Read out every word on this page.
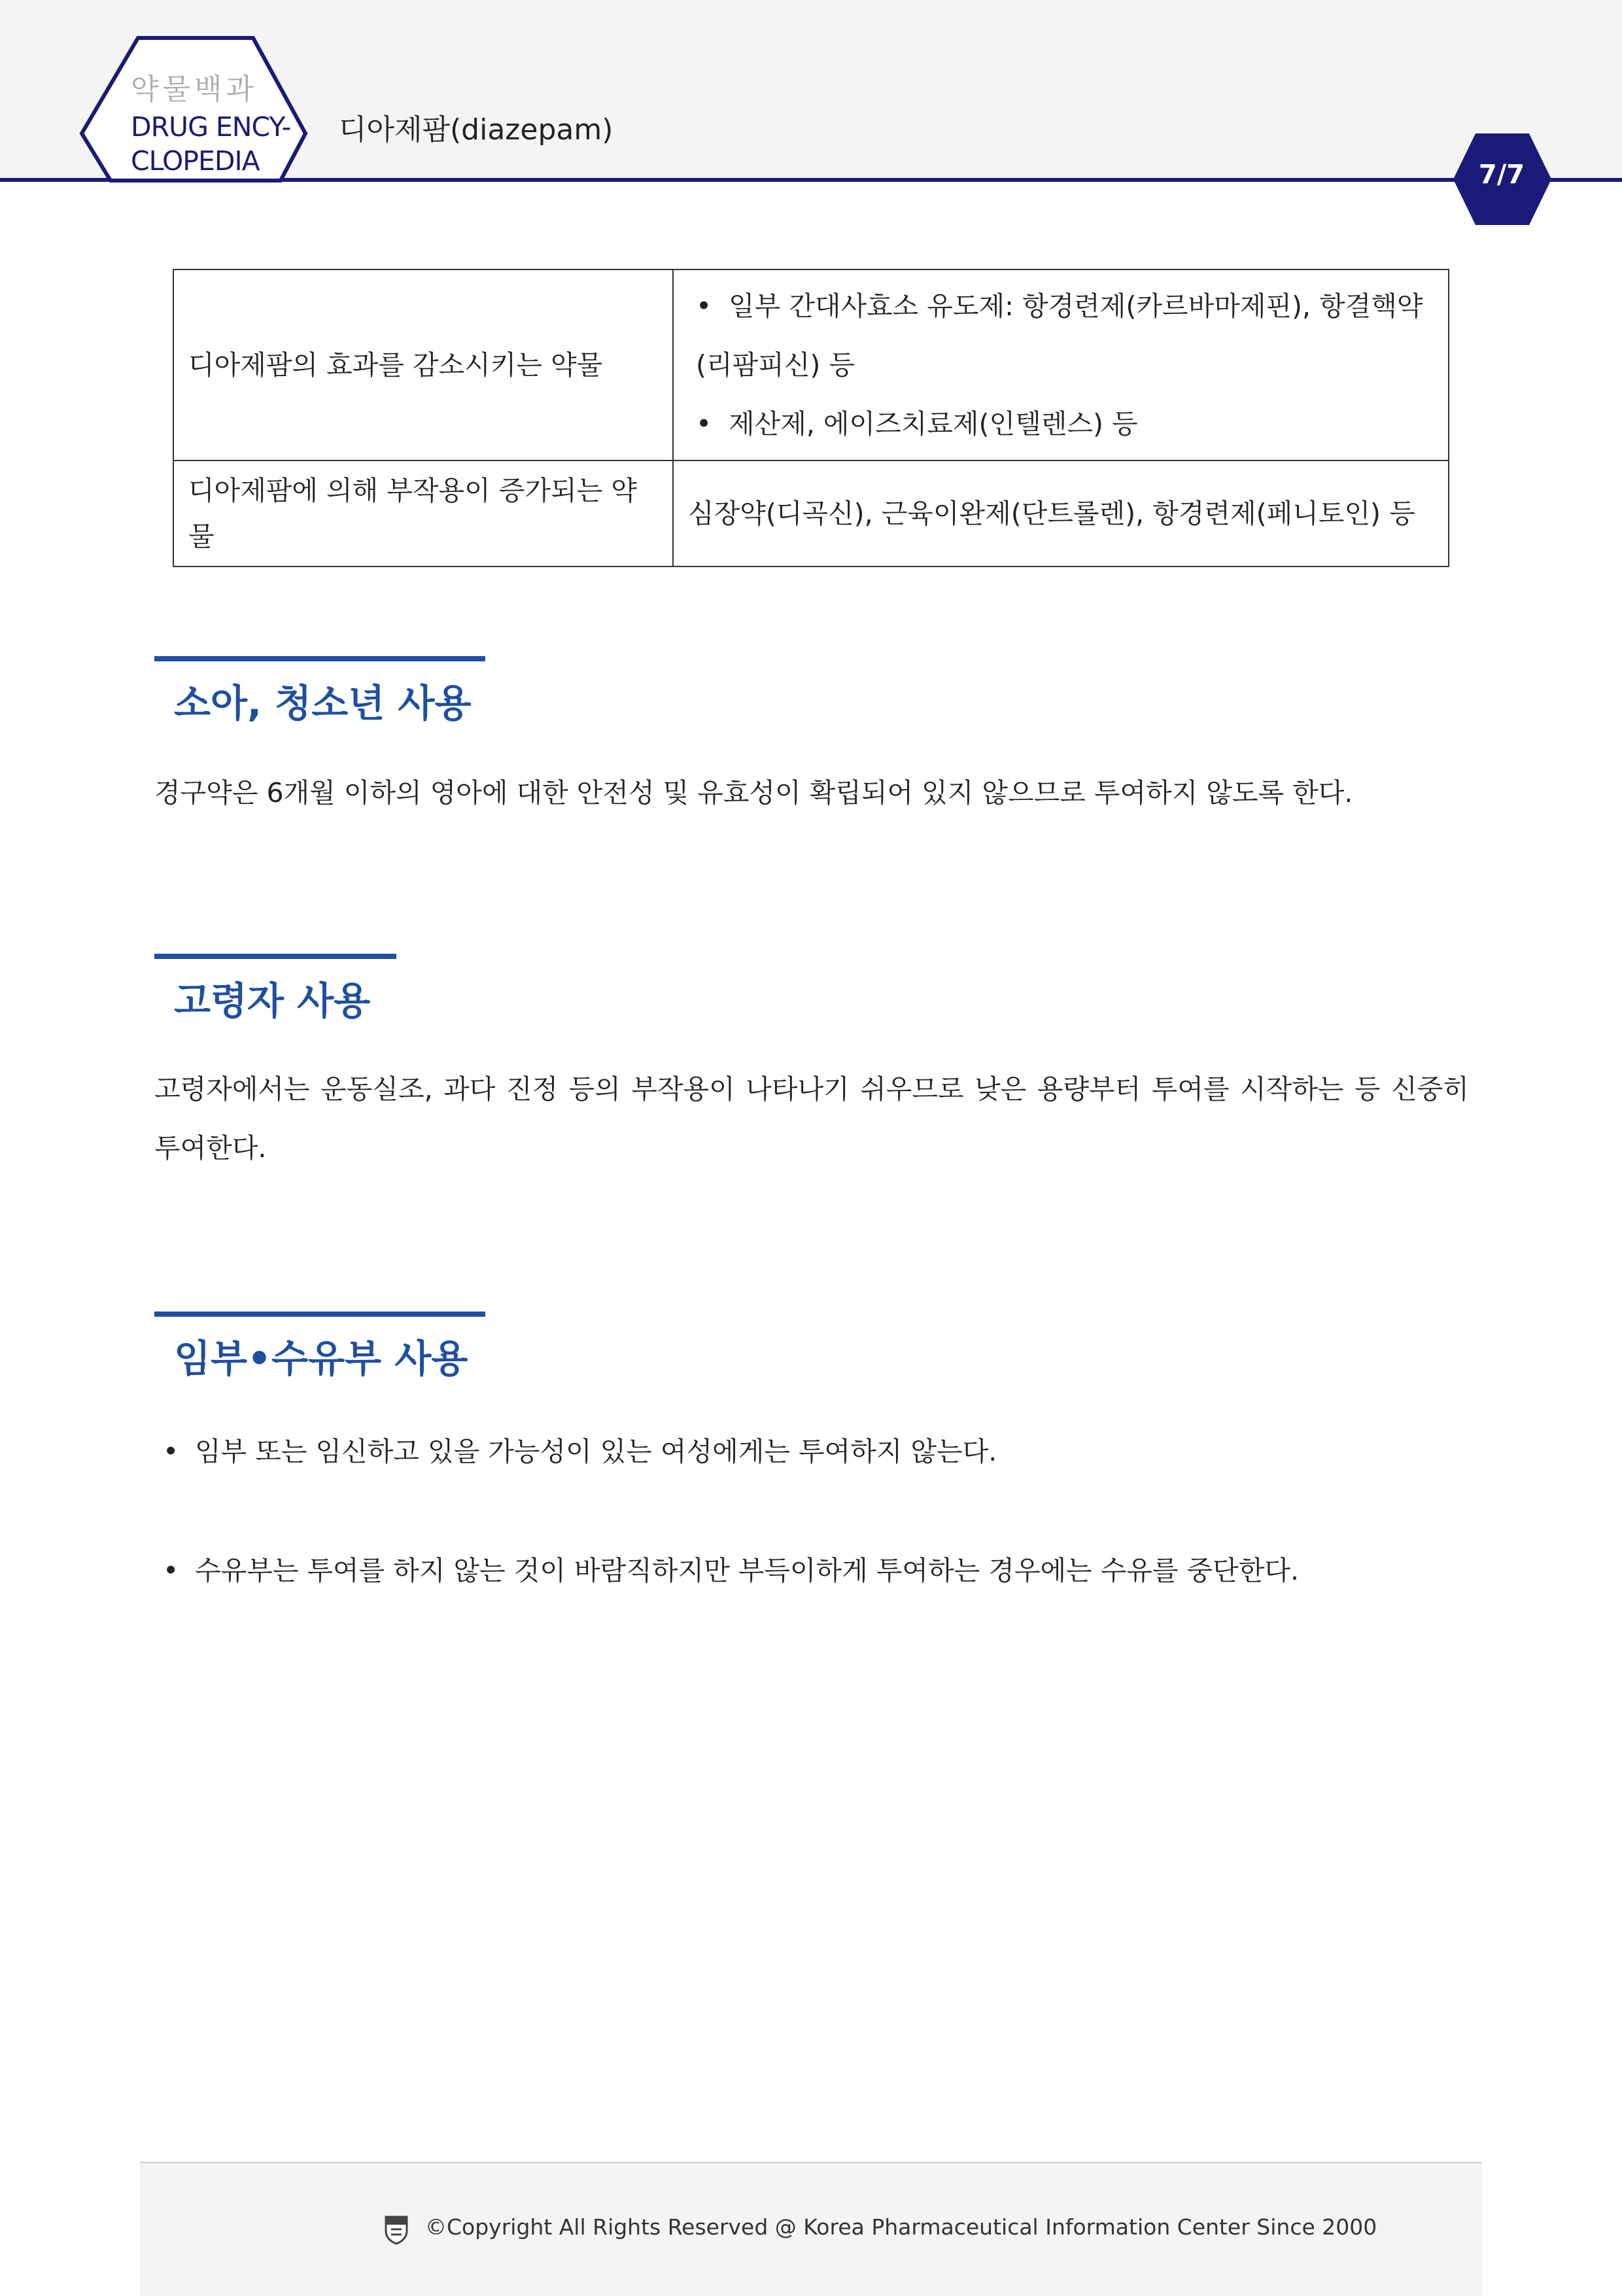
약물백과
DRUG ENCY-
CLOPEDIA
디아제팜(diazepam)
7/7
디아제팜의 효과를 감소시키는 약물	• 일부 간대사효소 유도제: 항경련제(카르바마제핀), 항결핵약(리팜피신) 등
• 제산제, 에이즈치료제(인텔렌스) 등

디아제팜에 의해 부작용이 증가되는 약물	심장약(디곡신), 근육이완제(단트롤렌), 항경련제(페니토인) 등
소아, 청소년 사용
경구약은 6개월 이하의 영아에 대한 안전성 및 유효성이 확립되어 있지 않으므로 투여하지 않도록 한다.
고령자 사용
고령자에서는 운동실조, 과다 진정 등의 부작용이 나타나기 쉬우므로 낮은 용량부터 투여를 시작하는 등 신중히 투여한다.
임부•수유부 사용
• 임부 또는 임신하고 있을 가능성이 있는 여성에게는 투여하지 않는다.
• 수유부는 투여를 하지 않는 것이 바람직하지만 부득이하게 투여하는 경우에는 수유를 중단한다.
©Copyright All Rights Reserved @ Korea Pharmaceutical Information Center Since 2000
